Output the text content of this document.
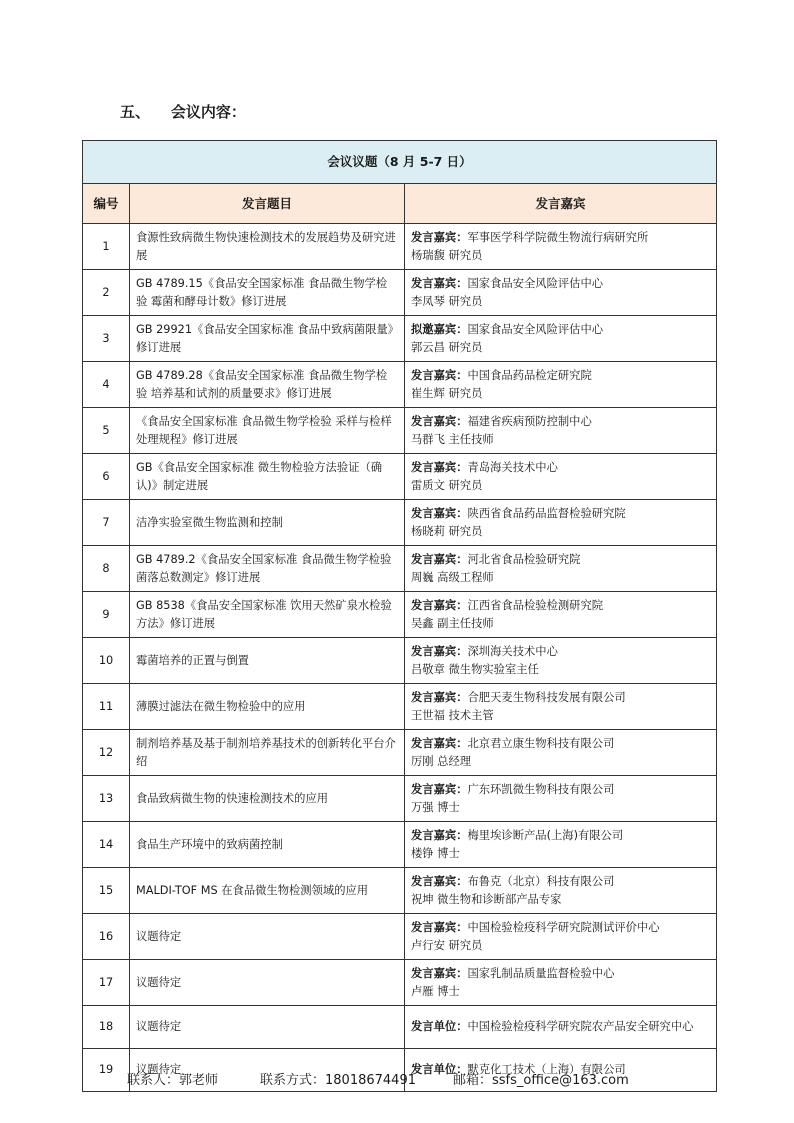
五、    会议内容：
会议议题（8 月 5-7 日）		
编号	发言题目	发言嘉宾
1	食源性致病微生物快速检测技术的发展趋势及研究进展	发言嘉宾：军事医学科学院微生物流行病研究所
杨瑞馥 研究员

2	GB 4789.15《食品安全国家标准 食品微生物学检验 霉菌和酵母计数》修订进展	发言嘉宾：国家食品安全风险评估中心
李凤琴 研究员

3	GB 29921《食品安全国家标准 食品中致病菌限量》修订进展	拟邀嘉宾：国家食品安全风险评估中心
郭云昌 研究员

4	GB 4789.28《食品安全国家标准 食品微生物学检验 培养基和试剂的质量要求》修订进展	发言嘉宾：中国食品药品检定研究院
崔生辉 研究员

5	《食品安全国家标准 食品微生物学检验 采样与检样处理规程》修订进展	发言嘉宾：福建省疾病预防控制中心
马群飞 主任技师

6	GB《食品安全国家标准 微生物检验方法验证（确认)》制定进展	发言嘉宾：青岛海关技术中心
雷质文 研究员

7	洁净实验室微生物监测和控制	发言嘉宾：陕西省食品药品监督检验研究院
杨晓莉 研究员

8	GB 4789.2《食品安全国家标准 食品微生物学检验 菌落总数测定》修订进展	发言嘉宾：河北省食品检验研究院
周巍 高级工程师

9	GB 8538《食品安全国家标准 饮用天然矿泉水检验方法》修订进展	发言嘉宾：江西省食品检验检测研究院
吴鑫 副主任技师

10	霉菌培养的正置与倒置	发言嘉宾：深圳海关技术中心
吕敬章 微生物实验室主任

11	薄膜过滤法在微生物检验中的应用	发言嘉宾：合肥天麦生物科技发展有限公司
王世福 技术主管

12	制剂培养基及基于制剂培养基技术的创新转化平台介绍	发言嘉宾：北京君立康生物科技有限公司
厉刚 总经理

13	食品致病微生物的快速检测技术的应用	发言嘉宾：广东环凯微生物科技有限公司
万强 博士

14	食品生产环境中的致病菌控制	发言嘉宾：梅里埃诊断产品(上海)有限公司
楼铮 博士

15	MALDI-TOF MS 在食品微生物检测领域的应用	发言嘉宾：布鲁克（北京）科技有限公司
祝坤 微生物和诊断部产品专家

16	议题待定	发言嘉宾：中国检验检疫科学研究院测试评价中心
卢行安 研究员

17	议题待定	发言嘉宾：国家乳制品质量监督检验中心
卢雁 博士

18	议题待定	发言单位：中国检验检疫科学研究院农产品安全研究中心

19	议题待定	发言单位：默克化工技术（上海）有限公司
联系人：郭老师	联系方式：18018674491	邮箱：ssfs_office@163.com
